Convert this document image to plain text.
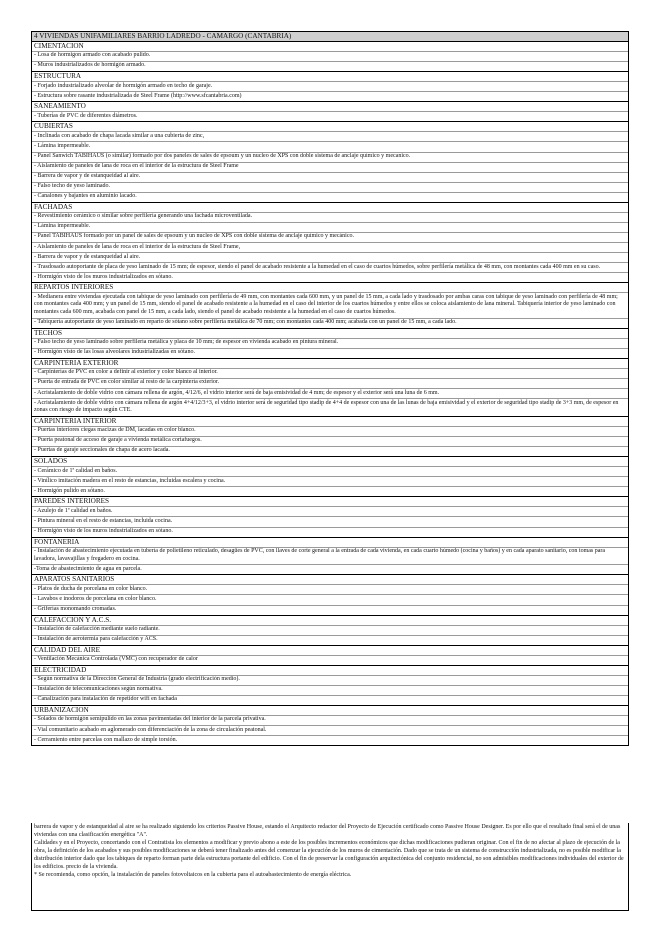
4 VIVIENDAS UNIFAMILIARES BARRIO LADREDO - CAMARGO (CANTABRIA)
CIMENTACION
- Losa de hormigon armado con acabado pulido.
- Muros industrializados de hormigón armado.
ESTRUCTURA
- Forjado industrializado alveolar de hormigón armado en techo de garaje.
- Estructura sobre rasante industrializada de Steel Frame (http://www.sfcantabria.com)
SANEAMIENTO
- Tuberías de PVC de diferentes diámetros.
CUBIERTAS
- Inclinada con acabado de chapa lacada similar a una cubierta de zinc,
- Lámina impermeable.
- Panel Sanwich TABIHAUS (o similar) formado por dos paneles de sales de epsoum y un nucleo de XPS con doble sistema de anclaje químico y mecanico.
- Aislamiento de paneles de lana de roca en el interior de la estructura de Steel Frame
- Barrera de vapor y de estanqueidad al aire.
- Falso techo de yeso laminado.
- Canalones y bajantes en aluminio lacado.
FACHADAS
- Revestimiento cerámico o similar sobre perfilería generando una fachada microventilada.
- Lámina impermeable.
- Panel TABIHAUS formado por un panel de sales de epsoum y un nucleo de XPS con doble sistema de anclaje químico y mecánico.
- Aislamiento de paneles de lana de roca en el interior de la estructura de Steel Frame,
- Barrera de vapor y de estanqueidad al aire.
- Trasdosado autoportante de placa de yeso laminado de 15 mm; de espesor, siendo el panel de acabado resistente a la humedad en el caso de cuartos húmedos, sobre perfilería metálica de 48 mm, con montantes cada 400 mm en su caso.
- Hormigón visto de los muros industrializados en sótano.
REPARTOS INTERIORES
- Medianera entre viviendas ejecutada con tabique de yeso laminado con perfilería de 49 mm, con montantes cada 600 mm, y un panel de 15 mm, a cada lado y trasdosado por ambas caras con tabique de yeso laminado con perfilería de 48 mm; con montantes cada 400 mm; y un panel de 15 mm, siendo el panel de acabado resistente a la humedad en el caso del interior de los cuartos húmedos y entre ellos se coloca aislamiento de lana mineral. Tabiquería interior de yeso laminado con montantes cada 600 mm, acabada con panel de 15 mm, a cada lado, siendo el panel de acabado resistente a la humedad en el caso de cuartos húmedos.
- Tabiquería autoportante de yeso laminado en reparto de sótano sobre perfilería metálica de 70 mm; con montantes cada 400 mm; acabada con un panel de 15 mm, a cada lado.
TECHOS
- Falso techo de yeso laminado sobre perfilería metálica y placa de 10 mm; de espesor en vivienda acabado en pintura mineral.
- Hormigón visto de las losas alveolares industrializadas en sótano.
CARPINTERIA EXTERIOR
- Carpinterías de PVC en color a definir al exterior y color blanco al interior.
- Puerta de entrada de PVC en color similar al resto de la carpintería exterior.
- Acristalamiento de doble vidrio con cámara rellena de argón, 4/12/6, el vidrio interior será de baja emisividad de 4 mm; de espesor y el exterior será una luna de 6 mm.
- Acristalamiento de doble vidrio con cámara rellena de argón 4+4/12/3+3, el vidrio interior será de seguridad tipo stadip de 4+4 de espesor con una de las lunas de baja emisividad y el exterior de seguridad tipo stadip de 3+3 mm, de espesor en zonas con riesgo de impacto según CTE.
CARPINTERIA INTERIOR
- Puertas interiores ciegas macizas de DM, lacadas en color blanco.
- Puerta peatonal de acceso de garaje a vivienda metálica cortafuegos.
- Puertas de garaje seccionales de chapa de acero lacada.
SOLADOS
- Cerámico de 1ª calidad en baños.
- Vinílico imitación madera en el resto de estancias, incluidas escalera y cocina.
- Hormigón pulido en sótano.
PAREDES INTERIORES
- Azulejo de 1ª calidad en baños.
- Pintura mineral en el resto de estancias, incluida cocina.
- Hormigón visto de los muros industrializados en sótano.
FONTANERIA
- Instalación de abastecimiento ejecutada en tubería de polietileno reticulado, desagües de PVC, con llaves de corte general a la entrada de cada vivienda, en cada cuarto húmedo (cocina y baños) y en cada aparato sanitario, con tomas para lavadora, lavavajillas y fregadero en cocina.
-Toma de abastecimiento de agua en parcela.
APARATOS SANITARIOS
- Platos de ducha de porcelana en color blanco.
- Lavabos e inodoros de porcelana en color blanco.
- Griferías monomando cromadas.
CALEFACCION Y A.C.S.
- Instalación de calefacción mediante suelo radiante.
- Instalación de aerotermia para calefacción y ACS.
CALIDAD DEL AIRE
- Ventilación Mecánica Controlada (VMC) con recuperador de calor
ELECTRICIDAD
- Según normativa de la Dirección General de Industria (grado electrificación medio).
- Instalación de telecomunicaciones según normativa.
- Canalización para instalación de repetidor wifi en fachada
URBANIZACION
- Solados de hormigón semipulido en las zonas pavimentadas del interior de la parcela privativa.
- Vial comunitario acabado en aglomerado con diferenciación de la zona de circulación peatonal.
- Cerramiento entre parcelas con mallazo de simple torsión.

barrera de vapor y de estanqueidad al aire se ha realizado siguiendo los criterios Passive House, estando el Arquitecto redactor del Proyecto de Ejecución certificado como Passive House Designer. Es por ello que el resultado final será el de unas viviendas con una clasificación energética "A".

Calidades y en el Proyecto, concertando con el Contratista los elementos a modificar y previo abono a este de los posibles incrementos económicos que dichas modificaciones pudieran originar. Con el fin de no afectar al plazo de ejecución de la obra, la definición de los acabados y sus posibles modificaciones se deberá tener finalizado antes del comenzar la ejecución de los muros de cimentación. Dado que se trata de un sistema de construcción industrializada, no es posible modificar la distribución interior dado que los tabiques de reparto forman parte dela estructura portante del edificio. Con el fin de preservar la configuración arquitectónica del conjunto residencial, no son admisibles modificaciones individuales del exterior de los edificios. precio de la vivienda.

* Se recomienda, como opción, la instalación de paneles fotovoltaicos en la cubierta para el autoabastecimiento de energía eléctrica.
